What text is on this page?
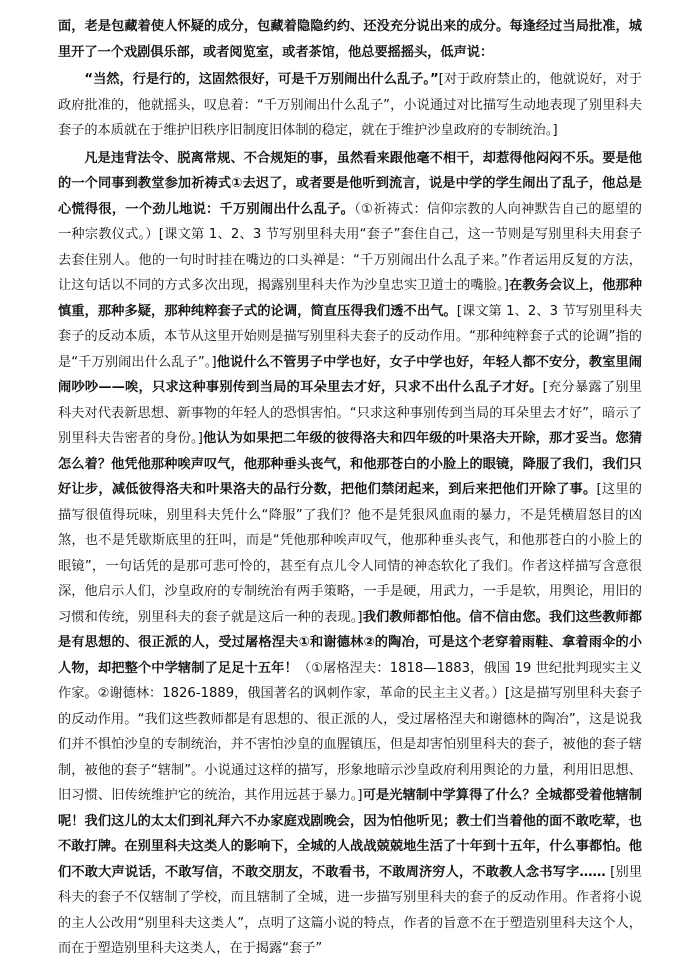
面，老是包藏着使人怀疑的成分，包藏着隐隐约约、还没充分说出来的成分。每逢经过当局批准，城里开了一个戏剧俱乐部，或者阅览室，或者茶馆，他总要摇摇头，低声说：

“当然，行是行的，这固然很好，可是千万别闹出什么乱子。”[对于政府禁止的，他就说好，对于政府批准的，他就摇头，叹息着：“千万别闹出什么乱子”，小说通过对比描写生动地表现了别里科夫套子的本质就在于维护旧秩序旧制度旧体制的稳定，就在于维护沙皇政府的专制统治。]

凡是违背法令、脱离常规、不合规矩的事，虽然看来跟他毫不相干，却惹得他闷闷不乐。要是他的一个同事到教堂参加祈祷式①去迟了，或者要是他听到流言，说是中学的学生闹出了乱子，他总是心慌得很，一个劲儿地说：千万别闹出什么乱子。（①祈祷式：信仰宗教的人向神默告自己的愿望的一种宗教仪式。）[课文第 1、2、3 节写别里科夫用“套子”套住自己，这一节则是写别里科夫用套子去套住别人。他的一句时时挂在嘴边的口头禅是：“千万别闹出什么乱子来。”作者运用反复的方法，让这句话以不同的方式多次出现，揭露别里科夫作为沙皇忠实卫道士的嘴脸。]在教务会议上，他那种慎重，那种多疑，那种纯粹套子式的论调，简直压得我们透不出气。[课文第 1、2、3 节写别里科夫套子的反动本质，本节从这里开始则是描写别里科夫套子的反动作用。“那种纯粹套子式的论调”指的是“千万别闹出什么乱子”。]他说什么不管男子中学也好，女子中学也好，年轻人都不安分，教室里闹闹吵吵——唉，只求这种事别传到当局的耳朵里去才好，只求不出什么乱子才好。[充分暴露了别里科夫对代表新思想、新事物的年轻人的恐惧害怕。“只求这种事别传到当局的耳朵里去才好”，暗示了别里科夫告密者的身份。]他认为如果把二年级的彼得洛夫和四年级的叶果洛夫开除，那才妥当。您猜怎么着？他凭他那种唉声叹气，他那种垂头丧气，和他那苍白的小脸上的眼镜，降服了我们，我们只好让步，减低彼得洛夫和叶果洛夫的品行分数，把他们禁闭起来，到后来把他们开除了事。[这里的描写很值得玩味，别里科夫凭什么“降服”了我们？他不是凭狠风血雨的暴力，不是凭横眉怒目的凶煞，也不是凭歇斯底里的狂叫，而是“凭他那种唉声叹气，他那种垂头丧气，和他那苍白的小脸上的眼镜”，一句话凭的是那可悲可怜的，甚至有点儿令人同情的神态软化了我们。作者这样描写含意很深，他启示人们，沙皇政府的专制统治有两手策略，一手是硬，用武力，一手是软，用舆论，用旧的习惯和传统，别里科夫的套子就是这后一种的表现。]我们教师都怕他。信不信由您。我们这些教师都是有思想的、很正派的人，受过屠格涅夫①和谢德林②的陶冶，可是这个老穿着雨鞋、拿着雨伞的小人物，却把整个中学辖制了足足十五年！（①屠格涅夫：1818—1883，俄国 19 世纪批判现实主义作家。②谢德林：1826-1889，俄国著名的讽刺作家，革命的民主主义者。）[这是描写别里科夫套子的反动作用。“我们这些教师都是有思想的、很正派的人，受过屠格涅夫和谢德林的陶冶”，这是说我们并不惧怕沙皇的专制统治，并不害怕沙皇的血腥镇压，但是却害怕别里科夫的套子，被他的套子辖制，被他的套子“辖制”。小说通过这样的描写，形象地暗示沙皇政府利用舆论的力量，利用旧思想、旧习惯、旧传统维护它的统治，其作用远甚于暴力。]可是光辖制中学算得了什么？全城都受着他辖制呢！我们这儿的太太们到礼拜六不办家庭戏剧晚会，因为怕他听见；教士们当着他的面不敢吃荤，也不敢打牌。在别里科夫这类人的影响下，全城的人战战兢兢地生活了十年到十五年，什么事都怕。他们不敢大声说话，不敢写信，不敢交朋友，不敢看书，不敢周济穷人，不敢教人念书写字…… [别里科夫的套子不仅辖制了学校，而且辖制了全城，进一步描写别里科夫的套子的反动作用。作者将小说的主人公改用“别里科夫这类人”，点明了这篇小说的特点，作者的旨意不在于塑造别里科夫这个人，而在于塑造别里科夫这类人，在于揭露“套子”
